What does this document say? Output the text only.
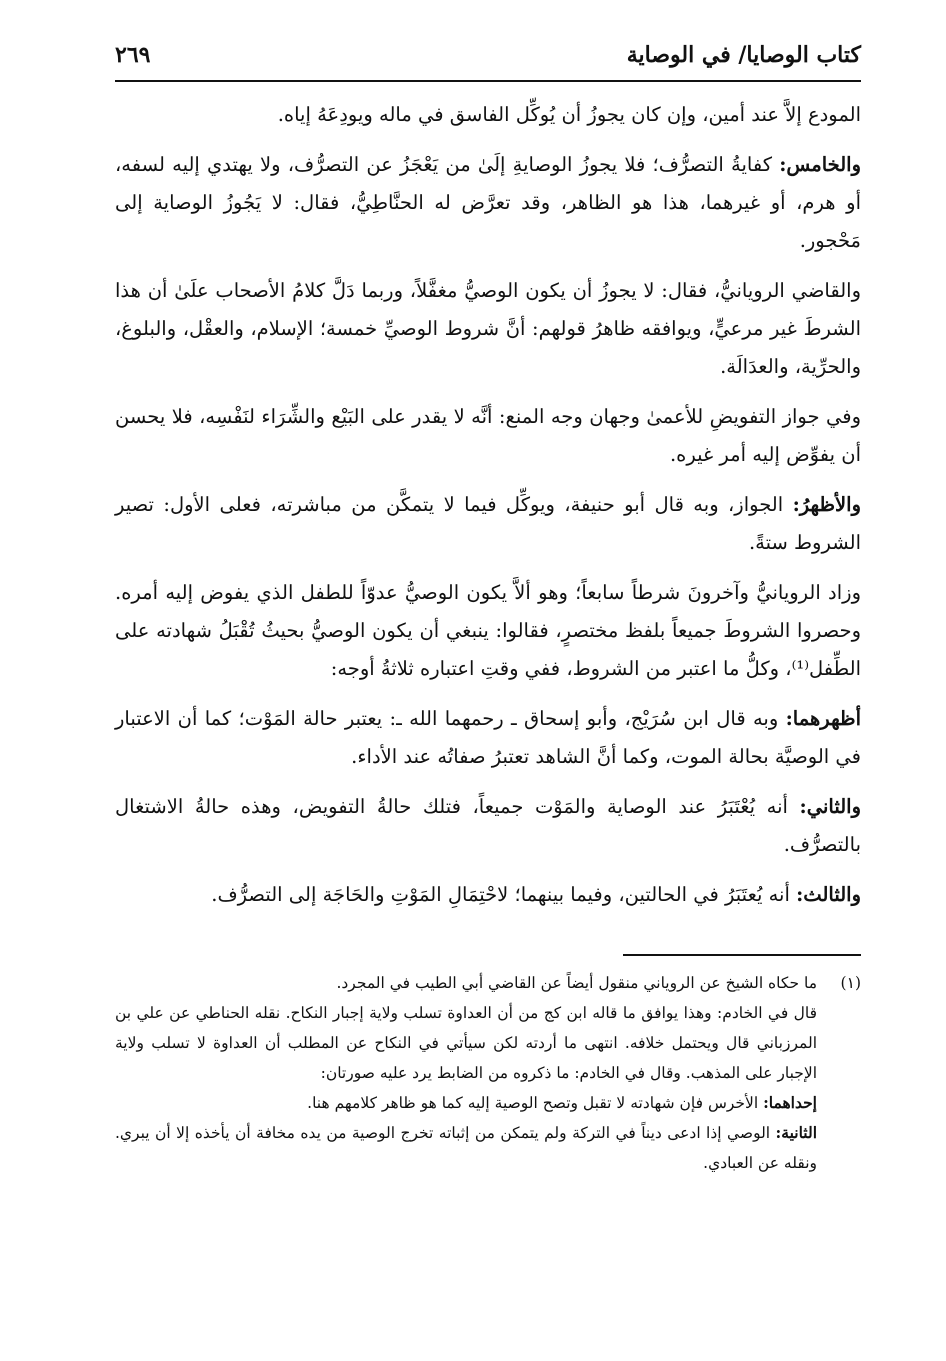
كتاب الوصايا/ في الوصاية
٢٦٩

المودع إلاَّ عند أمين، وإن كان يجوزُ أن يُوكِّل الفاسق في ماله ويودِعَهُ إياه.

والخامس: كفايةُ التصرُّف؛ فلا يجوزُ الوصايةِ إلَىٰ من يَعْجَزُ عن التصرُّف، ولا يهتدي إليه لسفه، أو هرم، أو غيرهما، هذا هو الظاهر، وقد تعرَّض له الحنَّاطِيُّ، فقال: لا يَجُوزُ الوصاية إلى مَحْجور.

والقاضي الرويانيُّ، فقال: لا يجوزُ أن يكون الوصيُّ مغفَّلاً، وربما دَلَّ كلامُ الأصحاب علَىٰ أن هذا الشرطَ غير مرعيٍّ، ويوافقه ظاهرُ قولهم: أنَّ شروط الوصيِّ خمسة؛ الإسلام، والعقْل، والبلوغ، والحرِّية، والعدَالَة.

وفي جواز التفويضِ للأعمىٰ وجهان وجه المنع: أنَّه لا يقدر على البَيْع والشِّرَاء لنَفْسِه، فلا يحسن أن يفوِّض إليه أمر غيره.

والأظهرُ: الجواز، وبه قال أبو حنيفة، ويوكِّل فيما لا يتمكَّن من مباشرته، فعلى الأول: تصير الشروط ستةً.

وزاد الرويانيُّ وآخرونَ شرطاً سابعاً؛ وهو ألاَّ يكون الوصيُّ عدوّاً للطفل الذي يفوض إليه أمره. وحصروا الشروطَ جميعاً بلفظ مختصرٍ، فقالوا: ينبغي أن يكون الوصيُّ بحيثُ تُقْبَلُ شهادته على الطِّفل⁽¹⁾، وكلُّ ما اعتبر من الشروط، ففي وقتِ اعتباره ثلاثةُ أوجه:

أظهرهما: وبه قال ابن سُرَيْج، وأبو إسحاق ـ رحمهما الله ـ: يعتبر حالة المَوْت؛ كما أن الاعتبار في الوصيَّة بحالة الموت، وكما أنَّ الشاهد تعتبرُ صفاتُه عند الأداء.

والثاني: أنه يُعْتَبَرُ عند الوصاية والمَوْت جميعاً، فتلك حالةُ التفويض، وهذه حالةُ الاشتغال بالتصرُّف.

والثالث: أنه يُعتَبَرُ في الحالتين، وفيما بينهما؛ لاحْتِمَالِ المَوْتِ والحَاجَة إلى التصرُّف.

(١)
ما حكاه الشيخ عن الروياني منقول أيضاً عن القاضي أبي الطيب في المجرد.
قال في الخادم: وهذا يوافق ما قاله ابن كج من أن العداوة تسلب ولاية إجبار النكاح. نقله الحناطي عن علي بن المرزباني قال ويحتمل خلافه. انتهى ما أردته لكن سيأتي في النكاح عن المطلب أن العداوة لا تسلب ولاية الإجبار على المذهب. وقال في الخادم: ما ذكروه من الضابط يرد عليه صورتان:
إحداهما: الأخرس فإن شهادته لا تقبل وتصح الوصية إليه كما هو ظاهر كلامهم هنا.
الثانية: الوصي إذا ادعى ديناً في التركة ولم يتمكن من إثباته تخرج الوصية من يده مخافة أن يأخذه إلا أن يبري. ونقله عن العبادي.
